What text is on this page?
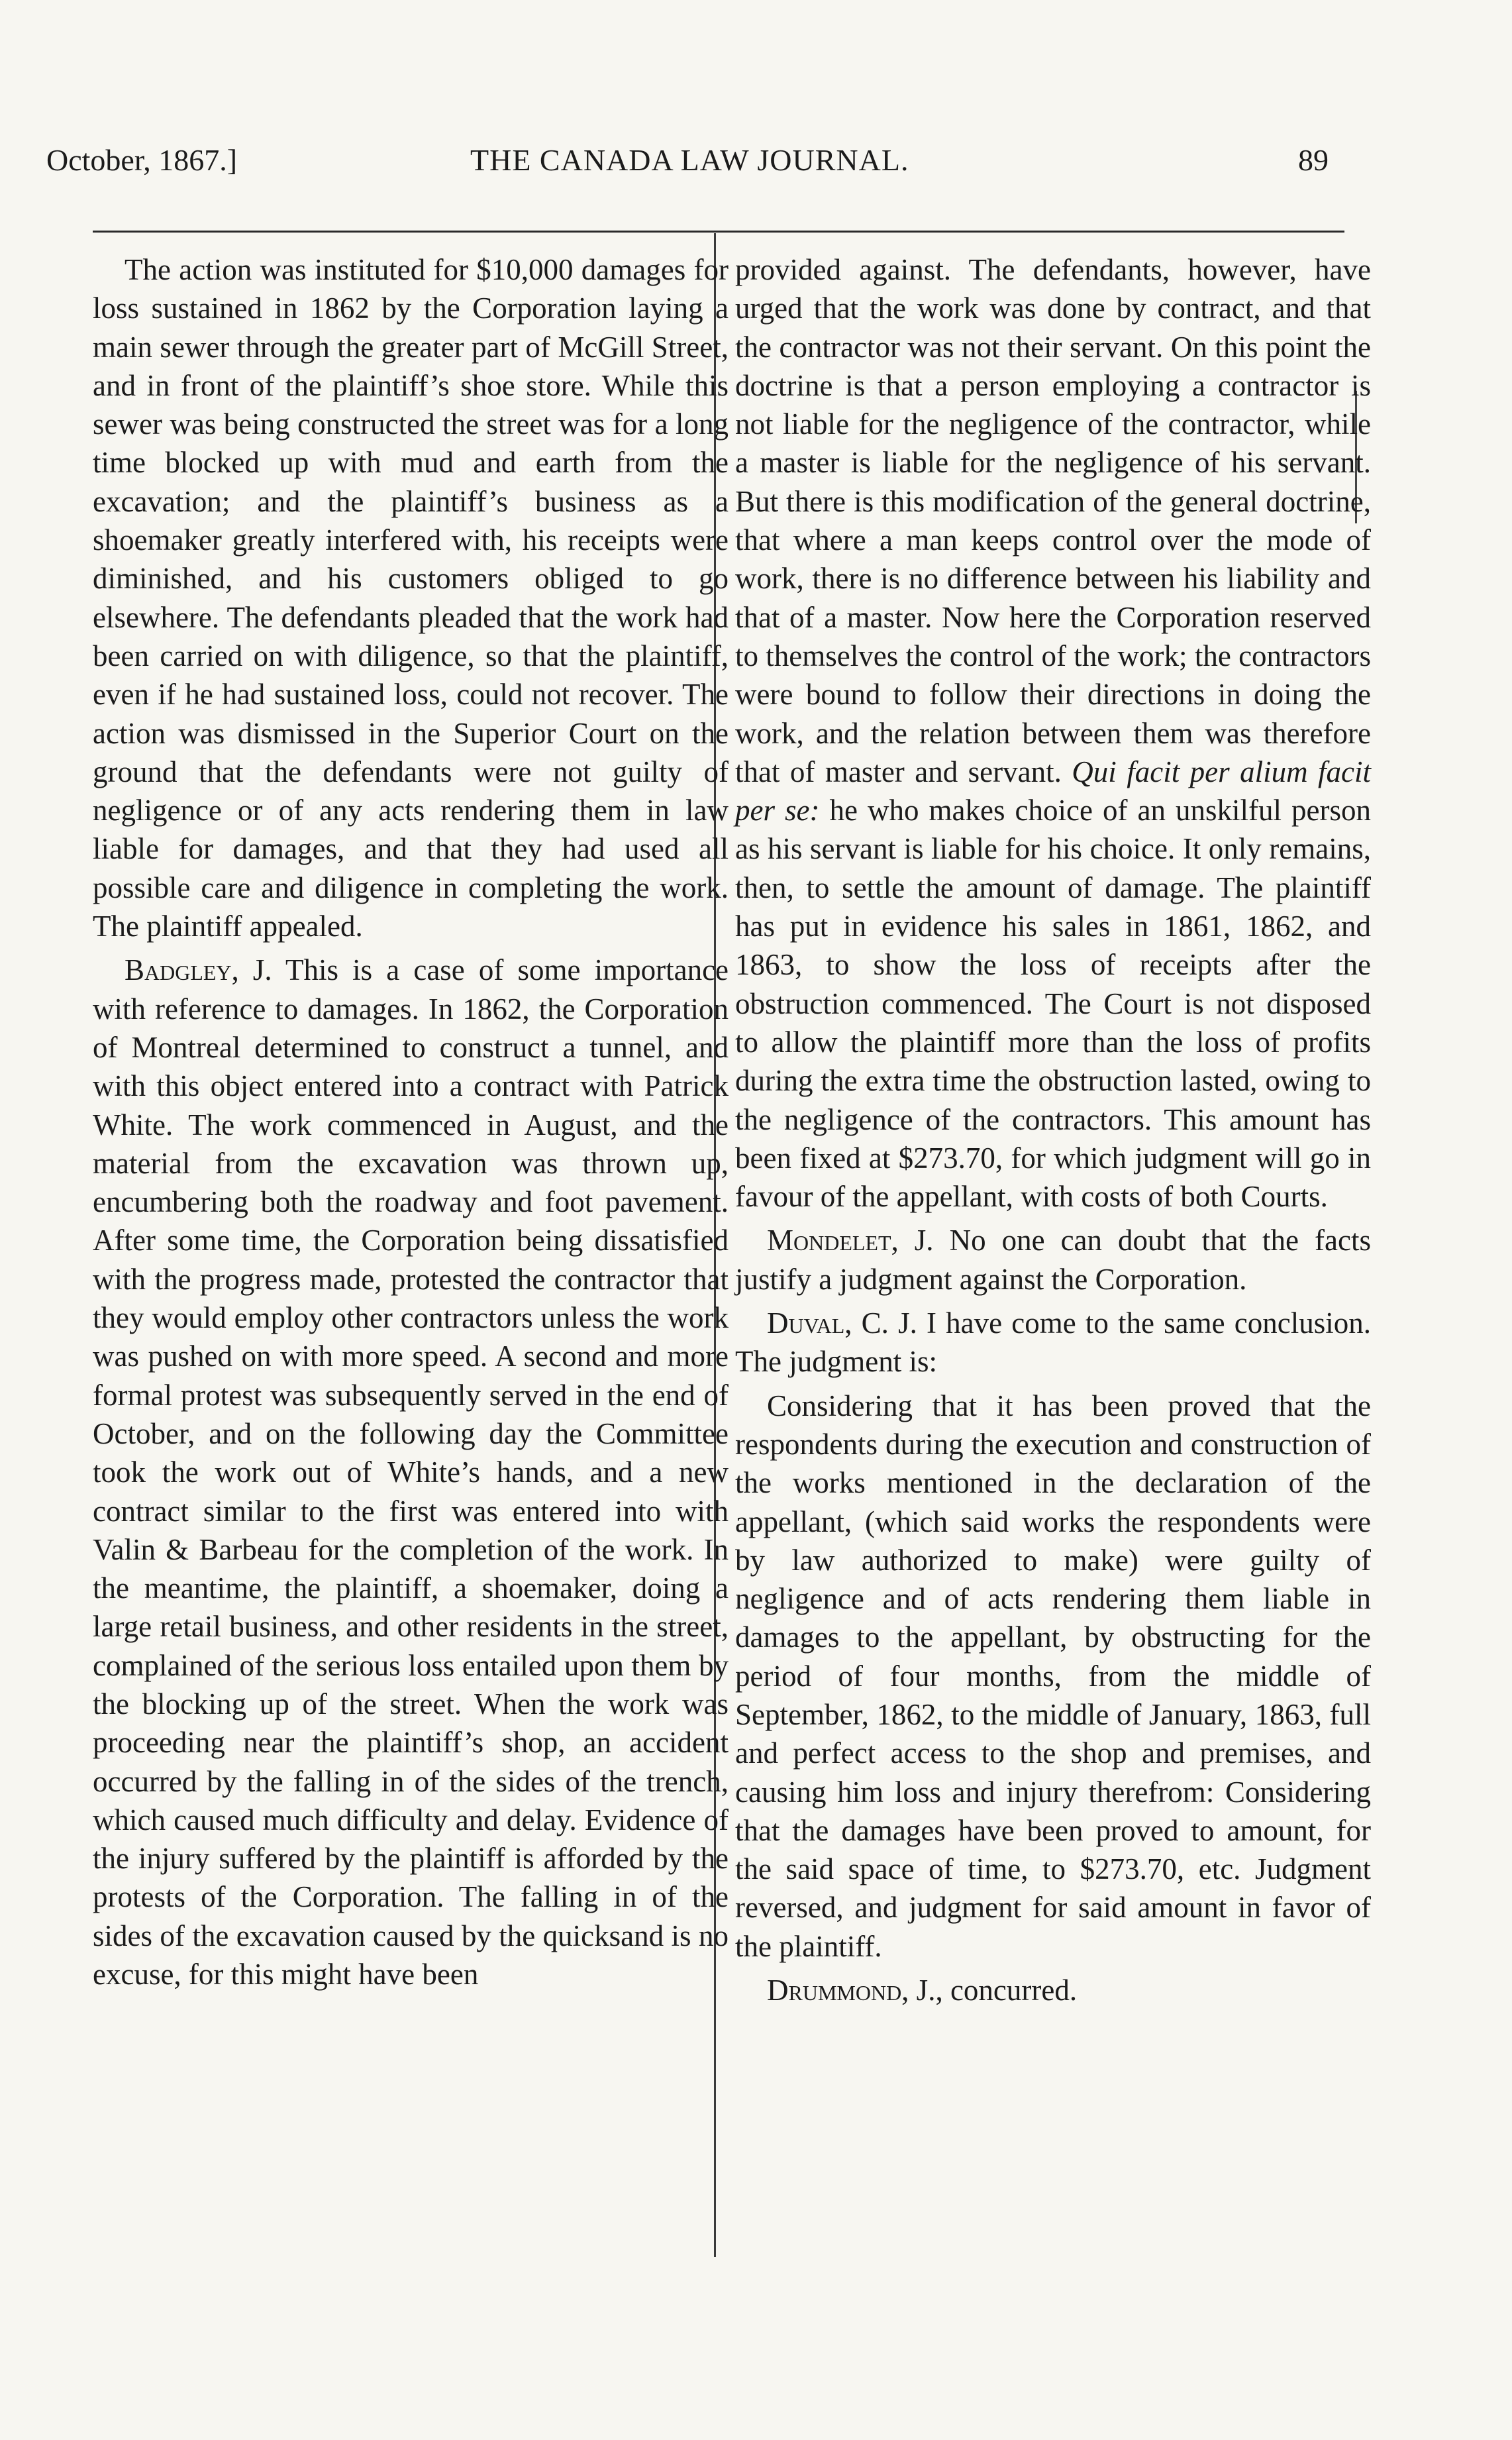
October, 1867.]	THE CANADA LAW JOURNAL.	89

The action was instituted for $10,000 damages for loss sustained in 1862 by the Corporation laying a main sewer through the greater part of McGill Street, and in front of the plaintiff’s shoe store. While this sewer was being constructed the street was for a long time blocked up with mud and earth from the excavation; and the plaintiff’s business as a shoemaker greatly interfered with, his receipts were diminished, and his customers obliged to go elsewhere. The defendants pleaded that the work had been carried on with diligence, so that the plaintiff, even if he had sustained loss, could not recover. The action was dismissed in the Superior Court on the ground that the defendants were not guilty of negligence or of any acts rendering them in law liable for damages, and that they had used all possible care and diligence in completing the work. The plaintiff appealed.

Badgley, J. This is a case of some importance with reference to damages. In 1862, the Corporation of Montreal determined to construct a tunnel, and with this object entered into a contract with Patrick White. The work commenced in August, and the material from the excavation was thrown up, encumbering both the roadway and foot pavement. After some time, the Corporation being dissatisfied with the progress made, protested the contractor that they would employ other contractors unless the work was pushed on with more speed. A second and more formal protest was subsequently served in the end of October, and on the following day the Committee took the work out of White’s hands, and a new contract similar to the first was entered into with Valin & Barbeau for the completion of the work. In the meantime, the plaintiff, a shoemaker, doing a large retail business, and other residents in the street, complained of the serious loss entailed upon them by the blocking up of the street. When the work was proceeding near the plaintiff’s shop, an accident occurred by the falling in of the sides of the trench, which caused much difficulty and delay. Evidence of the injury suffered by the plaintiff is afforded by the protests of the Corporation. The falling in of the sides of the excavation caused by the quicksand is no excuse, for this might have been

provided against. The defendants, however, have urged that the work was done by contract, and that the contractor was not their servant. On this point the doctrine is that a person employing a contractor is not liable for the negligence of the contractor, while a master is liable for the negligence of his servant. But there is this modification of the general doctrine, that where a man keeps control over the mode of work, there is no difference between his liability and that of a master. Now here the Corporation reserved to themselves the control of the work; the contractors were bound to follow their directions in doing the work, and the relation between them was therefore that of master and servant. Qui facit per alium facit per se: he who makes choice of an unskilful person as his servant is liable for his choice. It only remains, then, to settle the amount of damage. The plaintiff has put in evidence his sales in 1861, 1862, and 1863, to show the loss of receipts after the obstruction commenced. The Court is not disposed to allow the plaintiff more than the loss of profits during the extra time the obstruction lasted, owing to the negligence of the contractors. This amount has been fixed at $273.70, for which judgment will go in favour of the appellant, with costs of both Courts.

Mondelet, J. No one can doubt that the facts justify a judgment against the Corporation.

Duval, C. J. I have come to the same conclusion. The judgment is:

Considering that it has been proved that the respondents during the execution and construction of the works mentioned in the declaration of the appellant, (which said works the respondents were by law authorized to make) were guilty of negligence and of acts rendering them liable in damages to the appellant, by obstructing for the period of four months, from the middle of September, 1862, to the middle of January, 1863, full and perfect access to the shop and premises, and causing him loss and injury therefrom: Considering that the damages have been proved to amount, for the said space of time, to $273.70, etc. Judgment reversed, and judgment for said amount in favor of the plaintiff.

Drummond, J., concurred.
